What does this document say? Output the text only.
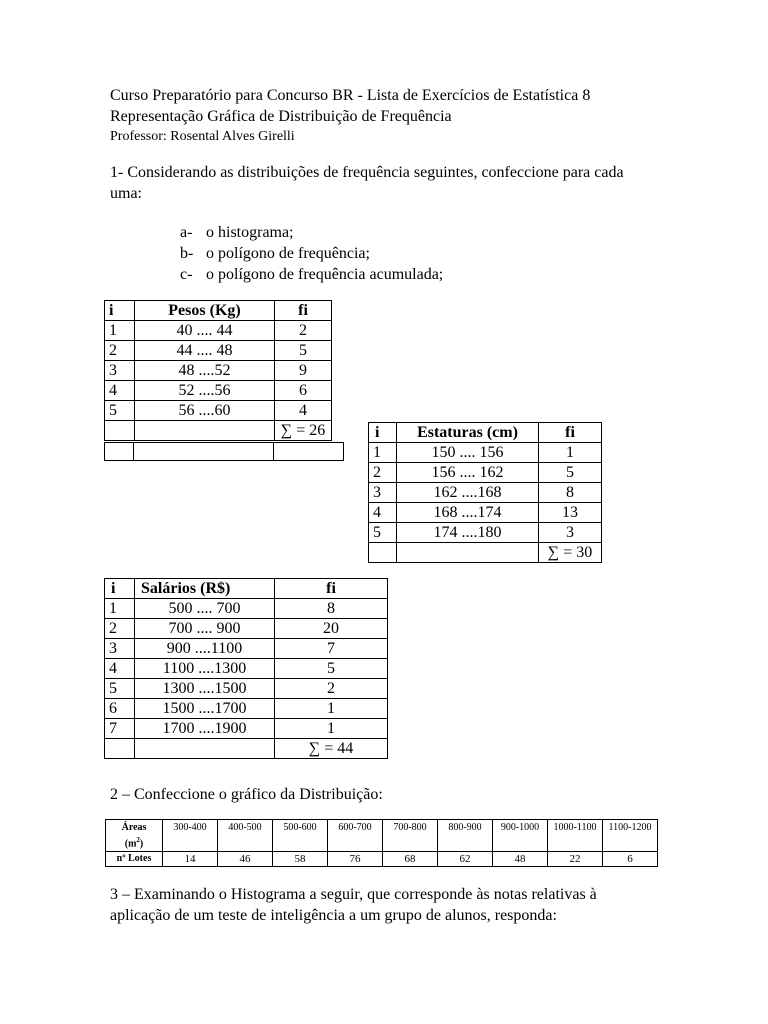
Curso Preparatório para Concurso BR - Lista de Exercícios de Estatística 8
Representação Gráfica de Distribuição de Frequência
Professor: Rosental Alves Girelli
1- Considerando as distribuições de frequência seguintes, confeccione para cada uma:
a- o histograma;
b- o polígono de frequência;
c- o polígono de frequência acumulada;
i	Pesos (Kg)	fi
1	40 .... 44	2
2	44 .... 48	5
3	48 ....52	9
4	52 ....56	6
5	56 ....60	4
		∑ = 26
			i	Estaturas (cm)	fi
1	150 .... 156	1
2	156 .... 162	5
3	162 ....168	8
4	168 ....174	13
5	174 ....180	3
		∑ = 30
i	Salários (R$)	fi
1	500 .... 700	8
2	700 .... 900	20
3	900 ....1100	7
4	1100 ....1300	5
5	1300 ....1500	2
6	1500 ....1700	1
7	1700 ....1900	1
		∑ = 44
2 – Confeccione o gráfico da Distribuição:
Áreas
$(m^2)$	300-400	400-500	500-600	600-700	700-800	800-900	900-1000	1000-1100	1100-1200
nº Lotes	14	46	58	76	68	62	48	22	6
3 – Examinando o Histograma a seguir, que corresponde às notas relativas à aplicação de um teste de inteligência a um grupo de alunos, responda:
